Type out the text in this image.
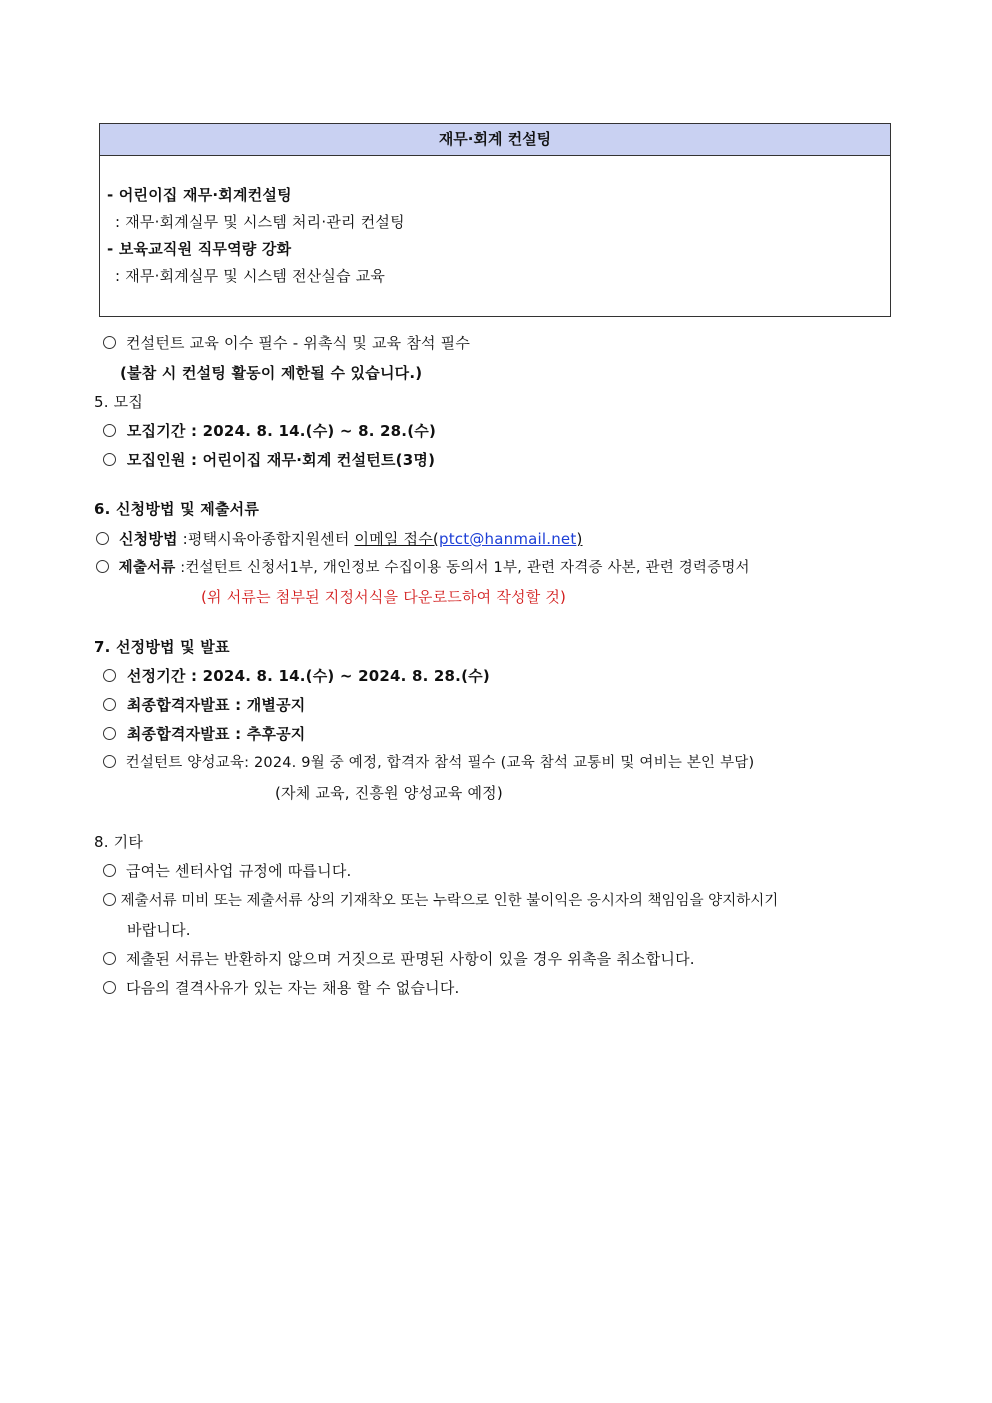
재무·회계 컨설팅
- 어린이집 재무·회계컨설팅
: 재무·회계실무 및 시스템 처리·관리 컨설팅
- 보육교직원 직무역량 강화
: 재무·회계실무 및 시스템 전산실습 교육
컨설턴트 교육 이수 필수 - 위촉식 및 교육 참석 필수
(불참 시 컨설팅 활동이 제한될 수 있습니다.)
5. 모집
모집기간 : 2024. 8. 14.(수) ~ 8. 28.(수)
모집인원 : 어린이집 재무·회계 컨설턴트(3명)
6. 신청방법 및 제출서류
신청방법 :평택시육아종합지원센터 이메일 접수(ptct@hanmail.net)
제출서류 :컨설턴트 신청서1부, 개인정보 수집이용 동의서 1부, 관련 자격증 사본, 관련 경력증명서
(위 서류는 첨부된 지정서식을 다운로드하여 작성할 것)
7. 선정방법 및 발표
선정기간 : 2024. 8. 14.(수) ~ 2024. 8. 28.(수)
최종합격자발표 : 개별공지
최종합격자발표 : 추후공지
컨설턴트 양성교육: 2024. 9월 중 예정, 합격자 참석 필수 (교육 참석 교통비 및 여비는 본인 부담)
(자체 교육, 진흥원 양성교육 예정)
8. 기타
급여는 센터사업 규정에 따릅니다.
제출서류 미비 또는 제출서류 상의 기재착오 또는 누락으로 인한 불이익은 응시자의 책임임을 양지하시기
바랍니다.
제출된 서류는 반환하지 않으며 거짓으로 판명된 사항이 있을 경우 위촉을 취소합니다.
다음의 결격사유가 있는 자는 채용 할 수 없습니다.
